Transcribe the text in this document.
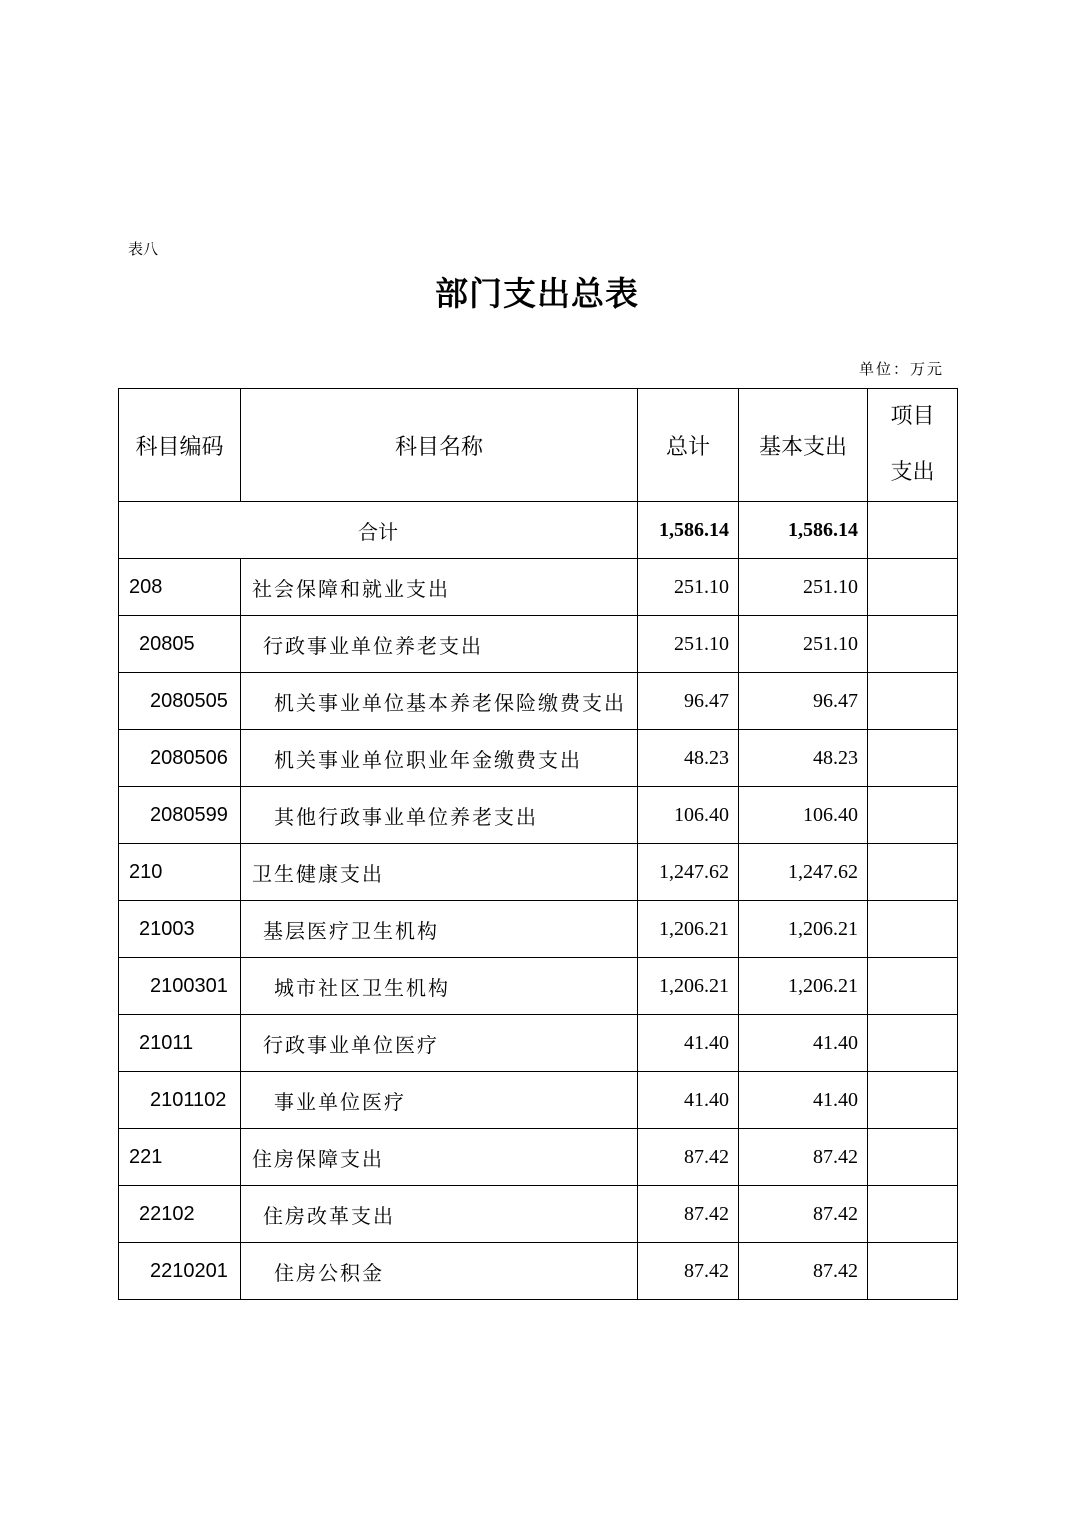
表八
部门支出总表
单位：万元
科目编码	科目名称	总计	基本支出	项目
支出
合计		1,586.14	1,586.14	
208	社会保障和就业支出	251.10	251.10	
20805	行政事业单位养老支出	251.10	251.10	
2080505	机关事业单位基本养老保险缴费支出	96.47	96.47	
2080506	机关事业单位职业年金缴费支出	48.23	48.23	
2080599	其他行政事业单位养老支出	106.40	106.40	
210	卫生健康支出	1,247.62	1,247.62	
21003	基层医疗卫生机构	1,206.21	1,206.21	
2100301	城市社区卫生机构	1,206.21	1,206.21	
21011	行政事业单位医疗	41.40	41.40	
2101102	事业单位医疗	41.40	41.40	
221	住房保障支出	87.42	87.42	
22102	住房改革支出	87.42	87.42	
2210201	住房公积金	87.42	87.42	
